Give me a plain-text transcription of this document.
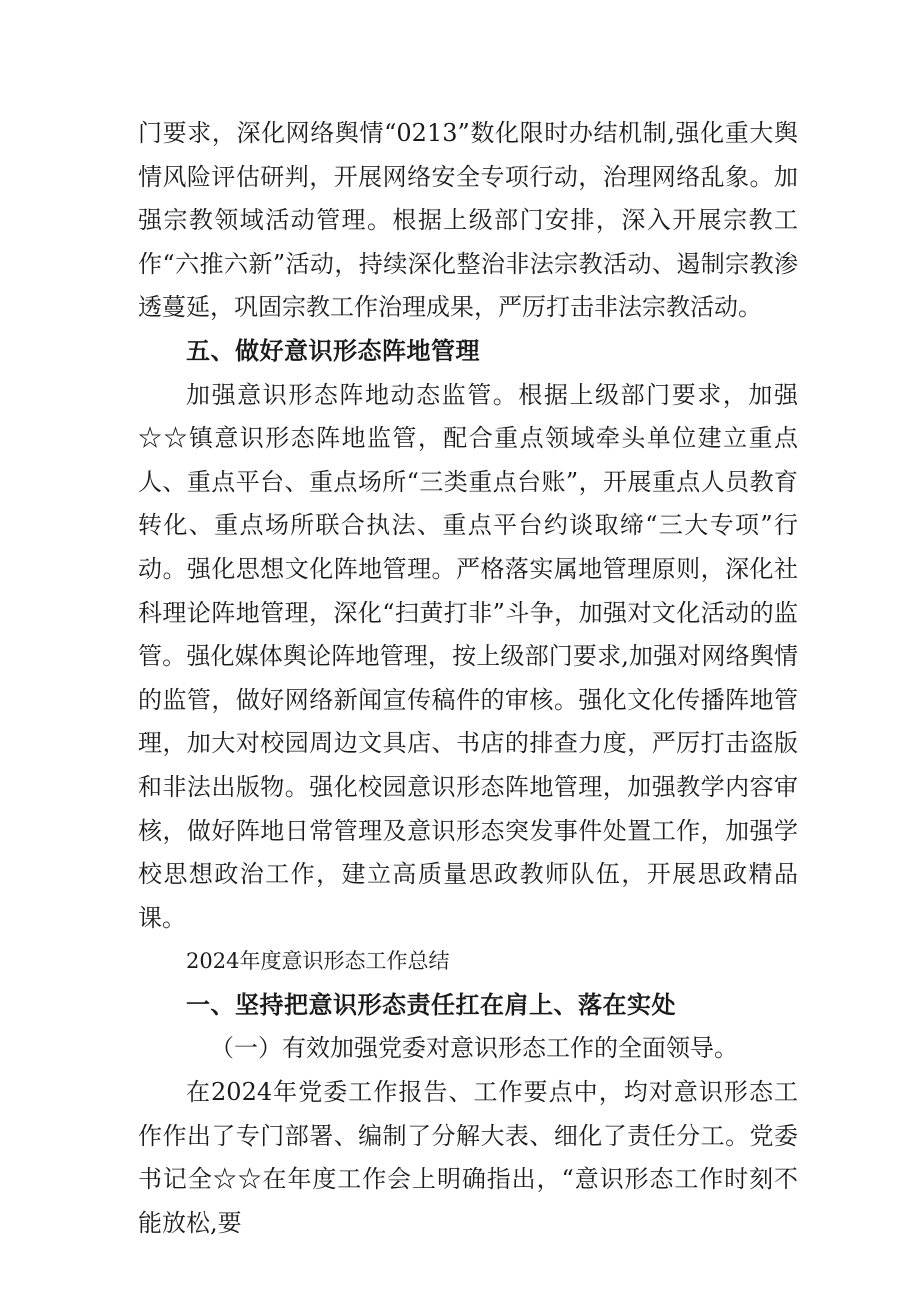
门要求，深化网络舆情“0213”数化限时办结机制,强化重大舆情风险评估研判，开展网络安全专项行动，治理网络乱象。加强宗教领域活动管理。根据上级部门安排，深入开展宗教工作“六推六新”活动，持续深化整治非法宗教活动、遏制宗教渗透蔓延，巩固宗教工作治理成果，严厉打击非法宗教活动。

五、做好意识形态阵地管理

加强意识形态阵地动态监管。根据上级部门要求，加强☆☆镇意识形态阵地监管，配合重点领域牵头单位建立重点人、重点平台、重点场所“三类重点台账”，开展重点人员教育转化、重点场所联合执法、重点平台约谈取缔“三大专项”行动。强化思想文化阵地管理。严格落实属地管理原则，深化社科理论阵地管理，深化“扫黄打非”斗争，加强对文化活动的监管。强化媒体舆论阵地管理，按上级部门要求,加强对网络舆情的监管，做好网络新闻宣传稿件的审核。强化文化传播阵地管理，加大对校园周边文具店、书店的排查力度，严厉打击盗版和非法出版物。强化校园意识形态阵地管理，加强教学内容审核，做好阵地日常管理及意识形态突发事件处置工作，加强学校思想政治工作，建立高质量思政教师队伍，开展思政精品课。

2024年度意识形态工作总结

一、坚持把意识形态责任扛在肩上、落在实处

（一）有效加强党委对意识形态工作的全面领导。

在2024年党委工作报告、工作要点中，均对意识形态工作作出了专门部署、编制了分解大表、细化了责任分工。党委书记全☆☆在年度工作会上明确指出，“意识形态工作时刻不能放松,要
